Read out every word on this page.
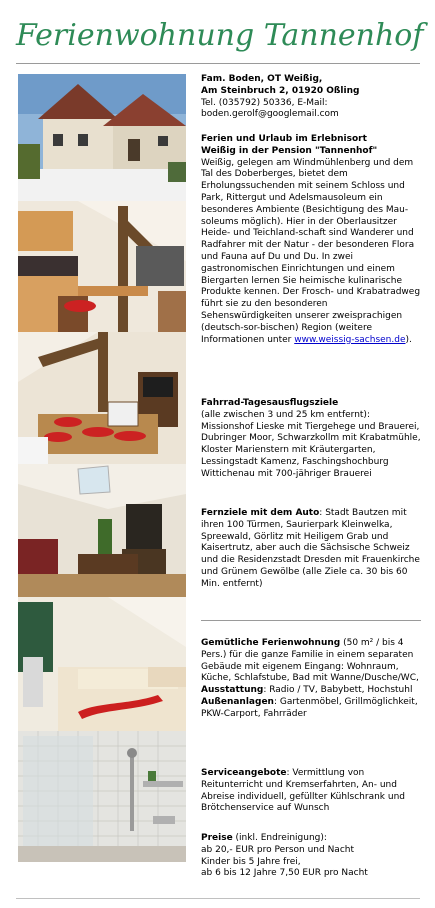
Ferienwohnung Tannenhof
Fam. Boden, OT Weißig,
Am Steinbruch 2, 01920 Oßling
Tel. (035792) 50336, E-Mail:
boden.gerolf@googlemail.com
Ferien und Urlaub im Erlebnisort
Weißig in der Pension "Tannenhof"
Weißig, gelegen am Windmühlenberg und dem Tal des Doberberges, bietet dem Erholungssuchenden mit seinem Schloss und Park, Rittergut und Adelsmausoleum ein besonderes Ambiente (Besichtigung des Mau-soleums möglich). Hier in der Oberlausitzer Heide- und Teichland-schaft sind Wanderer und Radfahrer mit der Natur - der besonderen Flora und Fauna auf Du und Du. In zwei gastronomischen Einrichtungen und einem Biergarten lernen Sie heimische kulinarische Produkte kennen. Der Frosch- und Krabatradweg führt sie zu den besonderen Sehenswürdigkeiten unserer zweisprachigen (deutsch-sor-bischen) Region (weitere Informationen unter www.weissig-sachsen.de).
Fahrrad-Tagesausflugsziele
(alle zwischen 3 und 25 km entfernt): Missionshof Lieske mit Tiergehege und Brauerei, Dubringer Moor, Schwarzkollm mit Krabatmühle, Kloster Marienstern mit Kräutergarten, Lessingstadt Kamenz, Faschingshochburg Wittichenau mit 700-jähriger Brauerei
Fernziele mit dem Auto: Stadt Bautzen mit ihren 100 Türmen, Saurierpark Kleinwelka, Spreewald, Görlitz mit Heiligem Grab und Kaisertrutz, aber auch die Sächsische Schweiz und die Residenzstadt Dresden mit Frauenkirche und Grünem Gewölbe (alle Ziele ca. 30 bis 60 Min. entfernt)
Gemütliche Ferienwohnung (50 m² / bis 4 Pers.) für die ganze Familie in einem separaten Gebäude mit eigenem Eingang: Wohnraum, Küche, Schlafstube, Bad mit Wanne/Dusche/WC, Ausstattung: Radio / TV, Babybett, Hochstuhl Außenanlagen: Gartenmöbel, Grillmöglichkeit, PKW-Carport, Fahrräder
Serviceangebote: Vermittlung von Reitunterricht und Kremserfahrten, An- und Abreise individuell, gefüllter Kühlschrank und Brötchenservice auf Wunsch
Preise (inkl. Endreinigung):
ab 20,- EUR pro Person und Nacht
Kinder bis 5 Jahre frei,
ab 6 bis 12 Jahre 7,50 EUR pro Nacht
